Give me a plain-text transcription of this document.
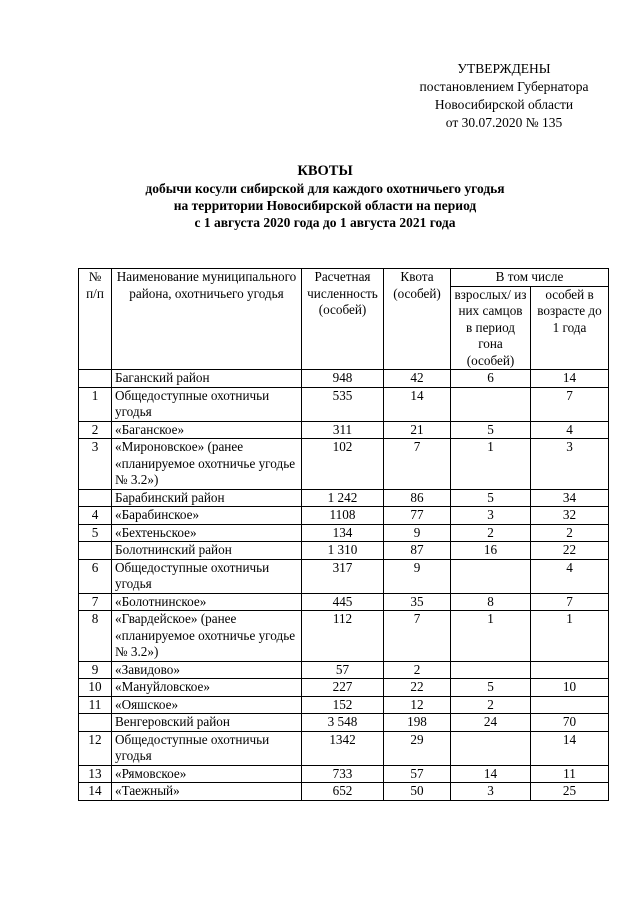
УТВЕРЖДЕНЫ
постановлением Губернатора
Новосибирской области
от 30.07.2020 № 135
КВОТЫ
добычи косули сибирской для каждого охотничьего угодья
на территории Новосибирской области на период
с 1 августа 2020 года до 1 августа 2021 года
№ п/п	Наименование муниципального района, охотничьего угодья	Расчетная численность (особей)	Квота (особей)	В том числе	
				взрослых/ из них самцов в период гона (особей)	особей в возрасте до 1 года
	Баганский район	948	42	6	14
1	Общедоступные охотничьи угодья	535	14		7
2	«Баганское»	311	21	5	4
3	«Мироновское» (ранее «планируемое охотничье угодье № 3.2»)	102	7	1	3
	Барабинский район	1 242	86	5	34
4	«Барабинское»	1108	77	3	32
5	«Бехтеньское»	134	9	2	2
	Болотнинский район	1 310	87	16	22
6	Общедоступные охотничьи угодья	317	9		4
7	«Болотнинское»	445	35	8	7
8	«Гвардейское» (ранее «планируемое охотничье угодье № 3.2»)	112	7	1	1
9	«Завидово»	57	2		
10	«Мануйловское»	227	22	5	10
11	«Ояшское»	152	12	2	
	Венгеровский район	3 548	198	24	70
12	Общедоступные охотничьи угодья	1342	29		14
13	«Рямовское»	733	57	14	11
14	«Таежный»	652	50	3	25
